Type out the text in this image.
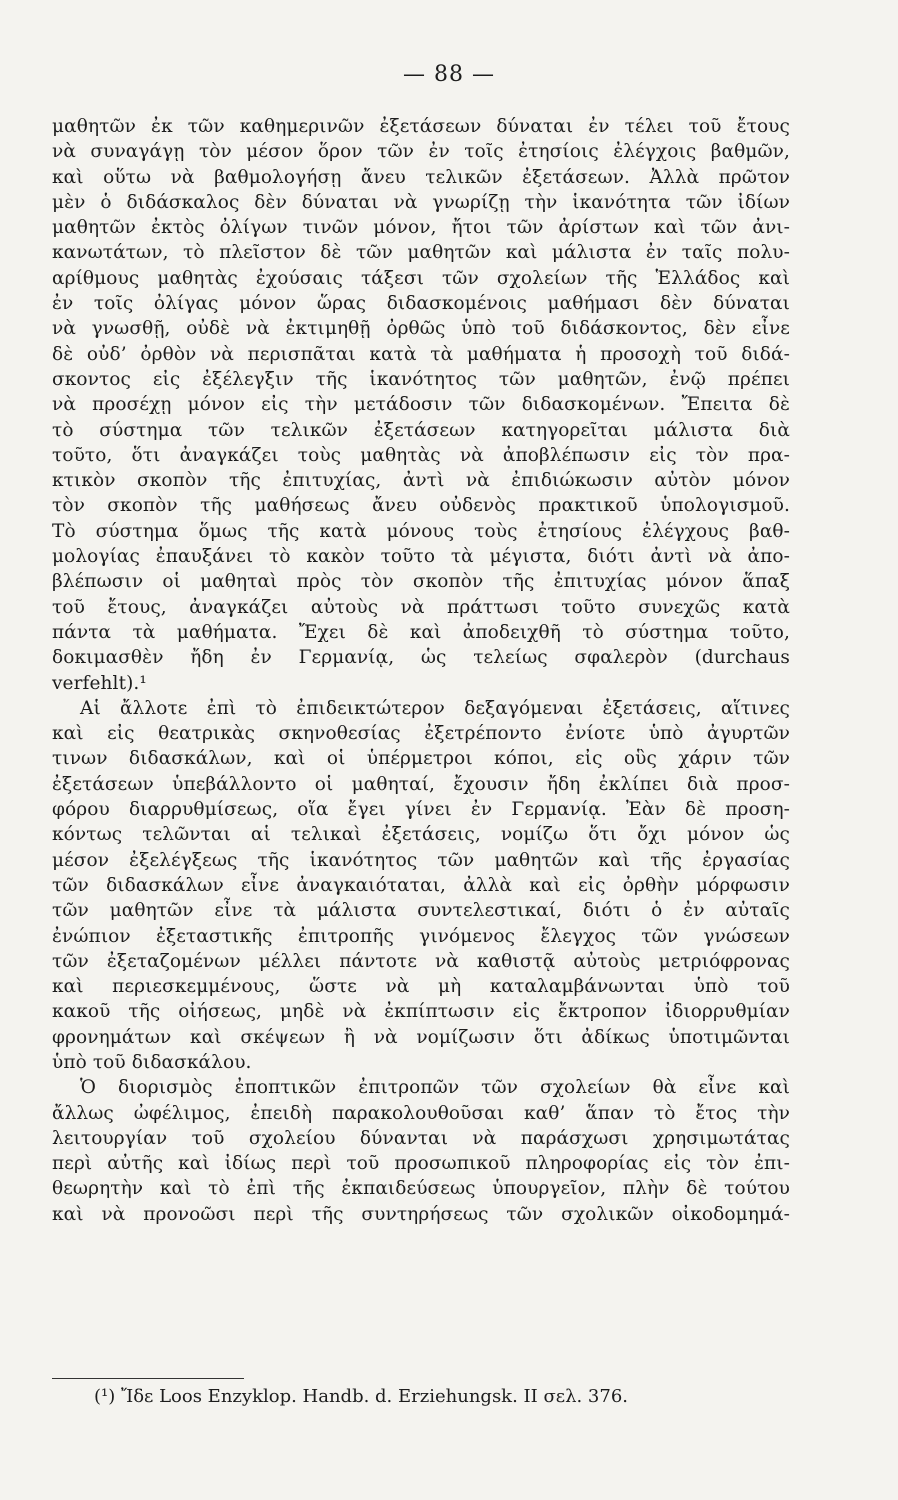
— 88 —
μαθητῶν ἐκ τῶν καθημερινῶν ἐξετάσεων δύναται ἐν τέλει τοῦ ἔτους
νὰ συναγάγῃ τὸν μέσον ὅρον τῶν ἐν τοῖς ἐτησίοις ἐλέγχοις βαθμῶν,
καὶ οὕτω νὰ βαθμολογήσῃ ἄνευ τελικῶν ἐξετάσεων. Ἀλλὰ πρῶτον
μὲν ὁ διδάσκαλος δὲν δύναται νὰ γνωρίζῃ τὴν ἱκανότητα τῶν ἰδίων
μαθητῶν ἐκτὸς ὀλίγων τινῶν μόνον, ἤτοι τῶν ἀρίστων καὶ τῶν ἀνι-
κανωτάτων, τὸ πλεῖστον δὲ τῶν μαθητῶν καὶ μάλιστα ἐν ταῖς πολυ-
αρίθμους μαθητὰς ἐχούσαις τάξεσι τῶν σχολείων τῆς Ἑλλάδος καὶ
ἐν τοῖς ὀλίγας μόνον ὥρας διδασκομένοις μαθήμασι δὲν δύναται
νὰ γνωσθῇ, οὐδὲ νὰ ἐκτιμηθῇ ὀρθῶς ὑπὸ τοῦ διδάσκοντος, δὲν εἶνε
δὲ οὐδ’ ὀρθὸν νὰ περισπᾶται κατὰ τὰ μαθήματα ἡ προσοχὴ τοῦ διδά-
σκοντος εἰς ἐξέλεγξιν τῆς ἱκανότητος τῶν μαθητῶν, ἐνῷ πρέπει
νὰ προσέχῃ μόνον εἰς τὴν μετάδοσιν τῶν διδασκομένων. Ἔπειτα δὲ
τὸ σύστημα τῶν τελικῶν ἐξετάσεων κατηγορεῖται μάλιστα διὰ
τοῦτο, ὅτι ἀναγκάζει τοὺς μαθητὰς νὰ ἀποβλέπωσιν εἰς τὸν πρα-
κτικὸν σκοπὸν τῆς ἐπιτυχίας, ἀντὶ νὰ ἐπιδιώκωσιν αὐτὸν μόνον
τὸν σκοπὸν τῆς μαθήσεως ἄνευ οὐδενὸς πρακτικοῦ ὑπολογισμοῦ.
Τὸ σύστημα ὅμως τῆς κατὰ μόνους τοὺς ἐτησίους ἐλέγχους βαθ-
μολογίας ἐπαυξάνει τὸ κακὸν τοῦτο τὰ μέγιστα, διότι ἀντὶ νὰ ἀπο-
βλέπωσιν οἱ μαθηταὶ πρὸς τὸν σκοπὸν τῆς ἐπιτυχίας μόνον ἅπαξ
τοῦ ἔτους, ἀναγκάζει αὐτοὺς νὰ πράττωσι τοῦτο συνεχῶς κατὰ
πάντα τὰ μαθήματα. Ἔχει δὲ καὶ ἀποδειχθῆ τὸ σύστημα τοῦτο,
δοκιμασθὲν ἤδη ἐν Γερμανίᾳ, ὡς τελείως σφαλερὸν (durchaus
verfehlt).¹
Αἱ ἄλλοτε ἐπὶ τὸ ἐπιδεικτώτερον δεξαγόμεναι ἐξετάσεις, αἵτινες
καὶ εἰς θεατρικὰς σκηνοθεσίας ἐξετρέποντο ἐνίοτε ὑπὸ ἀγυρτῶν
τινων διδασκάλων, καὶ οἱ ὑπέρμετροι κόποι, εἰς οὓς χάριν τῶν
ἐξετάσεων ὑπεβάλλοντο οἱ μαθηταί, ἔχουσιν ἤδη ἐκλίπει διὰ προσ-
φόρου διαρρυθμίσεως, οἵα ἔγει γίνει ἐν Γερμανίᾳ. Ἐὰν δὲ προση-
κόντως τελῶνται αἱ τελικαὶ ἐξετάσεις, νομίζω ὅτι ὄχι μόνον ὡς
μέσον ἐξελέγξεως τῆς ἱκανότητος τῶν μαθητῶν καὶ τῆς ἐργασίας
τῶν διδασκάλων εἶνε ἀναγκαιόταται, ἀλλὰ καὶ εἰς ὀρθὴν μόρφωσιν
τῶν μαθητῶν εἶνε τὰ μάλιστα συντελεστικαί, διότι ὁ ἐν αὐταῖς
ἐνώπιον ἐξεταστικῆς ἐπιτροπῆς γινόμενος ἔλεγχος τῶν γνώσεων
τῶν ἐξεταζομένων μέλλει πάντοτε νὰ καθιστᾷ αὐτοὺς μετριόφρονας
καὶ περιεσκεμμένους, ὥστε νὰ μὴ καταλαμβάνωνται ὑπὸ τοῦ
κακοῦ τῆς οἰήσεως, μηδὲ νὰ ἐκπίπτωσιν εἰς ἔκτροπον ἰδιορρυθμίαν
φρονημάτων καὶ σκέψεων ἢ νὰ νομίζωσιν ὅτι ἀδίκως ὑποτιμῶνται
ὑπὸ τοῦ διδασκάλου.
Ὁ διορισμὸς ἐποπτικῶν ἐπιτροπῶν τῶν σχολείων θὰ εἶνε καὶ
ἄλλως ὠφέλιμος, ἐπειδὴ παρακολουθοῦσαι καθ’ ἅπαν τὸ ἔτος τὴν
λειτουργίαν τοῦ σχολείου δύνανται νὰ παράσχωσι χρησιμωτάτας
περὶ αὐτῆς καὶ ἰδίως περὶ τοῦ προσωπικοῦ πληροφορίας εἰς τὸν ἐπι-
θεωρητὴν καὶ τὸ ἐπὶ τῆς ἐκπαιδεύσεως ὑπουργεῖον, πλὴν δὲ τούτου
καὶ νὰ προνοῶσι περὶ τῆς συντηρήσεως τῶν σχολικῶν οἰκοδομημά-
(¹) Ἴδε Loos Enzyklop. Handb. d. Erziehungsk. II σελ. 376.
